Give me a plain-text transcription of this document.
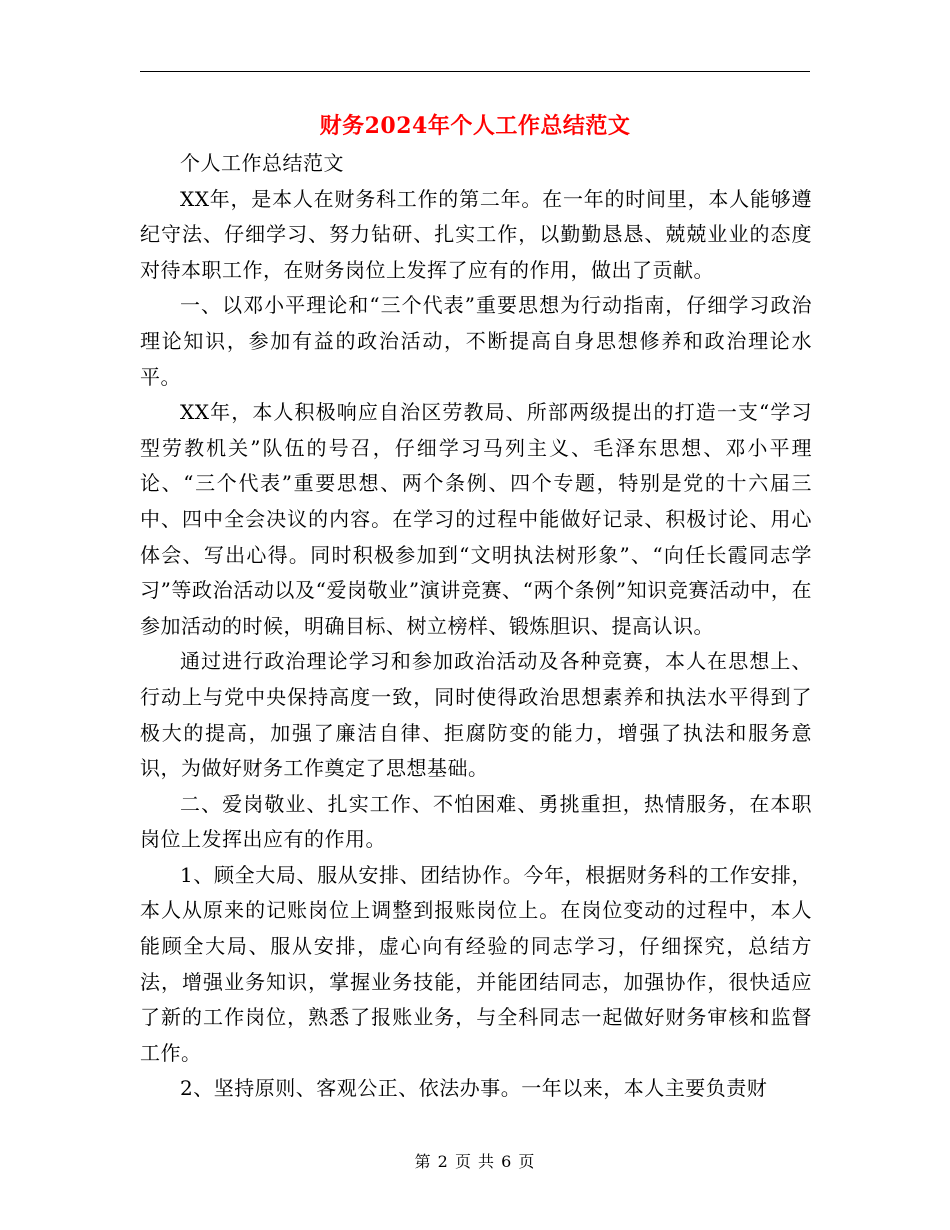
财务2024年个人工作总结范文

个人工作总结范文

XX年，是本人在财务科工作的第二年。在一年的时间里，本人能够遵纪守法、仔细学习、努力钻研、扎实工作，以勤勤恳恳、兢兢业业的态度对待本职工作，在财务岗位上发挥了应有的作用，做出了贡献。

一、以邓小平理论和“三个代表”重要思想为行动指南，仔细学习政治理论知识，参加有益的政治活动，不断提高自身思想修养和政治理论水平。

XX年，本人积极响应自治区劳教局、所部两级提出的打造一支“学习型劳教机关”队伍的号召，仔细学习马列主义、毛泽东思想、邓小平理论、“三个代表”重要思想、两个条例、四个专题，特别是党的十六届三中、四中全会决议的内容。在学习的过程中能做好记录、积极讨论、用心体会、写出心得。同时积极参加到“文明执法树形象”、“向任长霞同志学习”等政治活动以及“爱岗敬业”演讲竞赛、“两个条例”知识竞赛活动中，在参加活动的时候，明确目标、树立榜样、锻炼胆识、提高认识。

通过进行政治理论学习和参加政治活动及各种竞赛，本人在思想上、行动上与党中央保持高度一致，同时使得政治思想素养和执法水平得到了极大的提高，加强了廉洁自律、拒腐防变的能力，增强了执法和服务意识，为做好财务工作奠定了思想基础。

二、爱岗敬业、扎实工作、不怕困难、勇挑重担，热情服务，在本职岗位上发挥出应有的作用。

1、顾全大局、服从安排、团结协作。今年，根据财务科的工作安排，本人从原来的记账岗位上调整到报账岗位上。在岗位变动的过程中，本人能顾全大局、服从安排，虚心向有经验的同志学习，仔细探究，总结方法，增强业务知识，掌握业务技能，并能团结同志，加强协作，很快适应了新的工作岗位，熟悉了报账业务，与全科同志一起做好财务审核和监督工作。

2、坚持原则、客观公正、依法办事。一年以来，本人主要负责财

第 2 页 共 6 页
